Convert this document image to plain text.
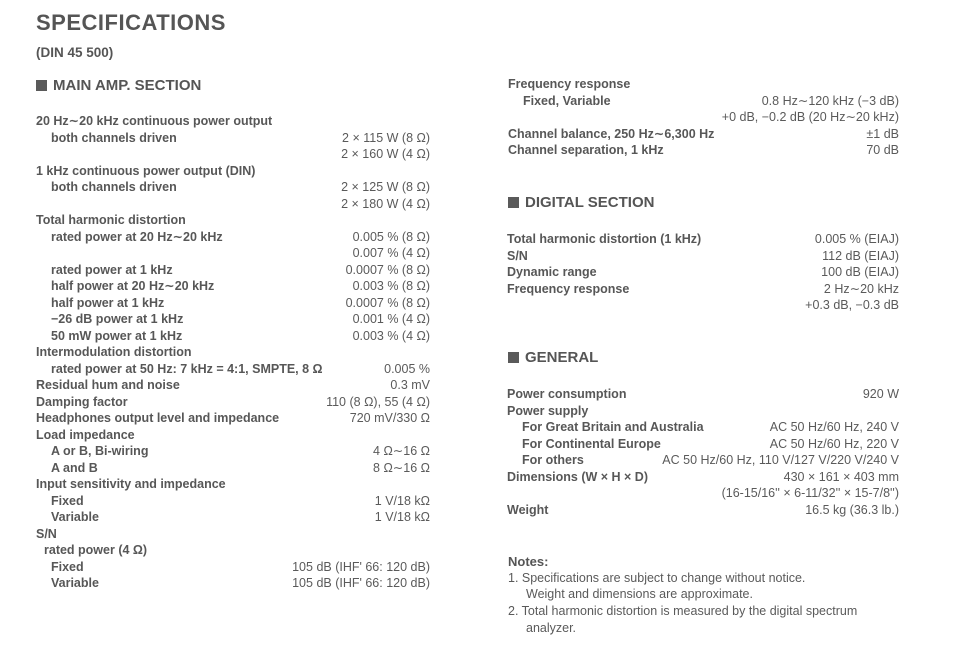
SPECIFICATIONS
(DIN 45 500)
MAIN AMP. SECTION
20 Hz∼20 kHz continuous power output
both channels driven	2 × 115 W (8 Ω)
2 × 160 W (4 Ω)
1 kHz continuous power output (DIN)
both channels driven	2 × 125 W (8 Ω)
2 × 180 W (4 Ω)
Total harmonic distortion
rated power at 20 Hz∼20 kHz	0.005 % (8 Ω)
0.007 % (4 Ω)
rated power at 1 kHz	0.0007 % (8 Ω)
half power at 20 Hz∼20 kHz	0.003 % (8 Ω)
half power at 1 kHz	0.0007 % (8 Ω)
−26 dB power at 1 kHz	0.001 % (4 Ω)
50 mW power at 1 kHz	0.003 % (4 Ω)
Intermodulation distortion
rated power at 50 Hz: 7 kHz = 4:1, SMPTE, 8 Ω	0.005 %
Residual hum and noise	0.3 mV
Damping factor	110 (8 Ω), 55 (4 Ω)
Headphones output level and impedance	720 mV/330 Ω
Load impedance
A or B, Bi-wiring	4 Ω∼16 Ω
A and B	8 Ω∼16 Ω
Input sensitivity and impedance
Fixed	1 V/18 kΩ
Variable	1 V/18 kΩ
S/N
rated power (4 Ω)
Fixed	105 dB (IHF' 66: 120 dB)
Variable	105 dB (IHF' 66: 120 dB)
Frequency response
Fixed, Variable	0.8 Hz∼120 kHz (−3 dB)
+0 dB, −0.2 dB (20 Hz∼20 kHz)
Channel balance, 250 Hz∼6,300 Hz	±1 dB
Channel separation, 1 kHz	70 dB
DIGITAL SECTION
Total harmonic distortion (1 kHz)	0.005 % (EIAJ)
S/N	112 dB (EIAJ)
Dynamic range	100 dB (EIAJ)
Frequency response	2 Hz∼20 kHz
+0.3 dB, −0.3 dB
GENERAL
Power consumption	920 W
Power supply
For Great Britain and Australia	AC 50 Hz/60 Hz, 240 V
For Continental Europe	AC 50 Hz/60 Hz, 220 V
For others	AC 50 Hz/60 Hz, 110 V/127 V/220 V/240 V
Dimensions (W × H × D)	430 × 161 × 403 mm
(16-15/16'' × 6-11/32'' × 15-7/8'')
Weight	16.5 kg (36.3 lb.)
Notes:
1. Specifications are subject to change without notice.
Weight and dimensions are approximate.
2. Total harmonic distortion is measured by the digital spectrum
analyzer.
